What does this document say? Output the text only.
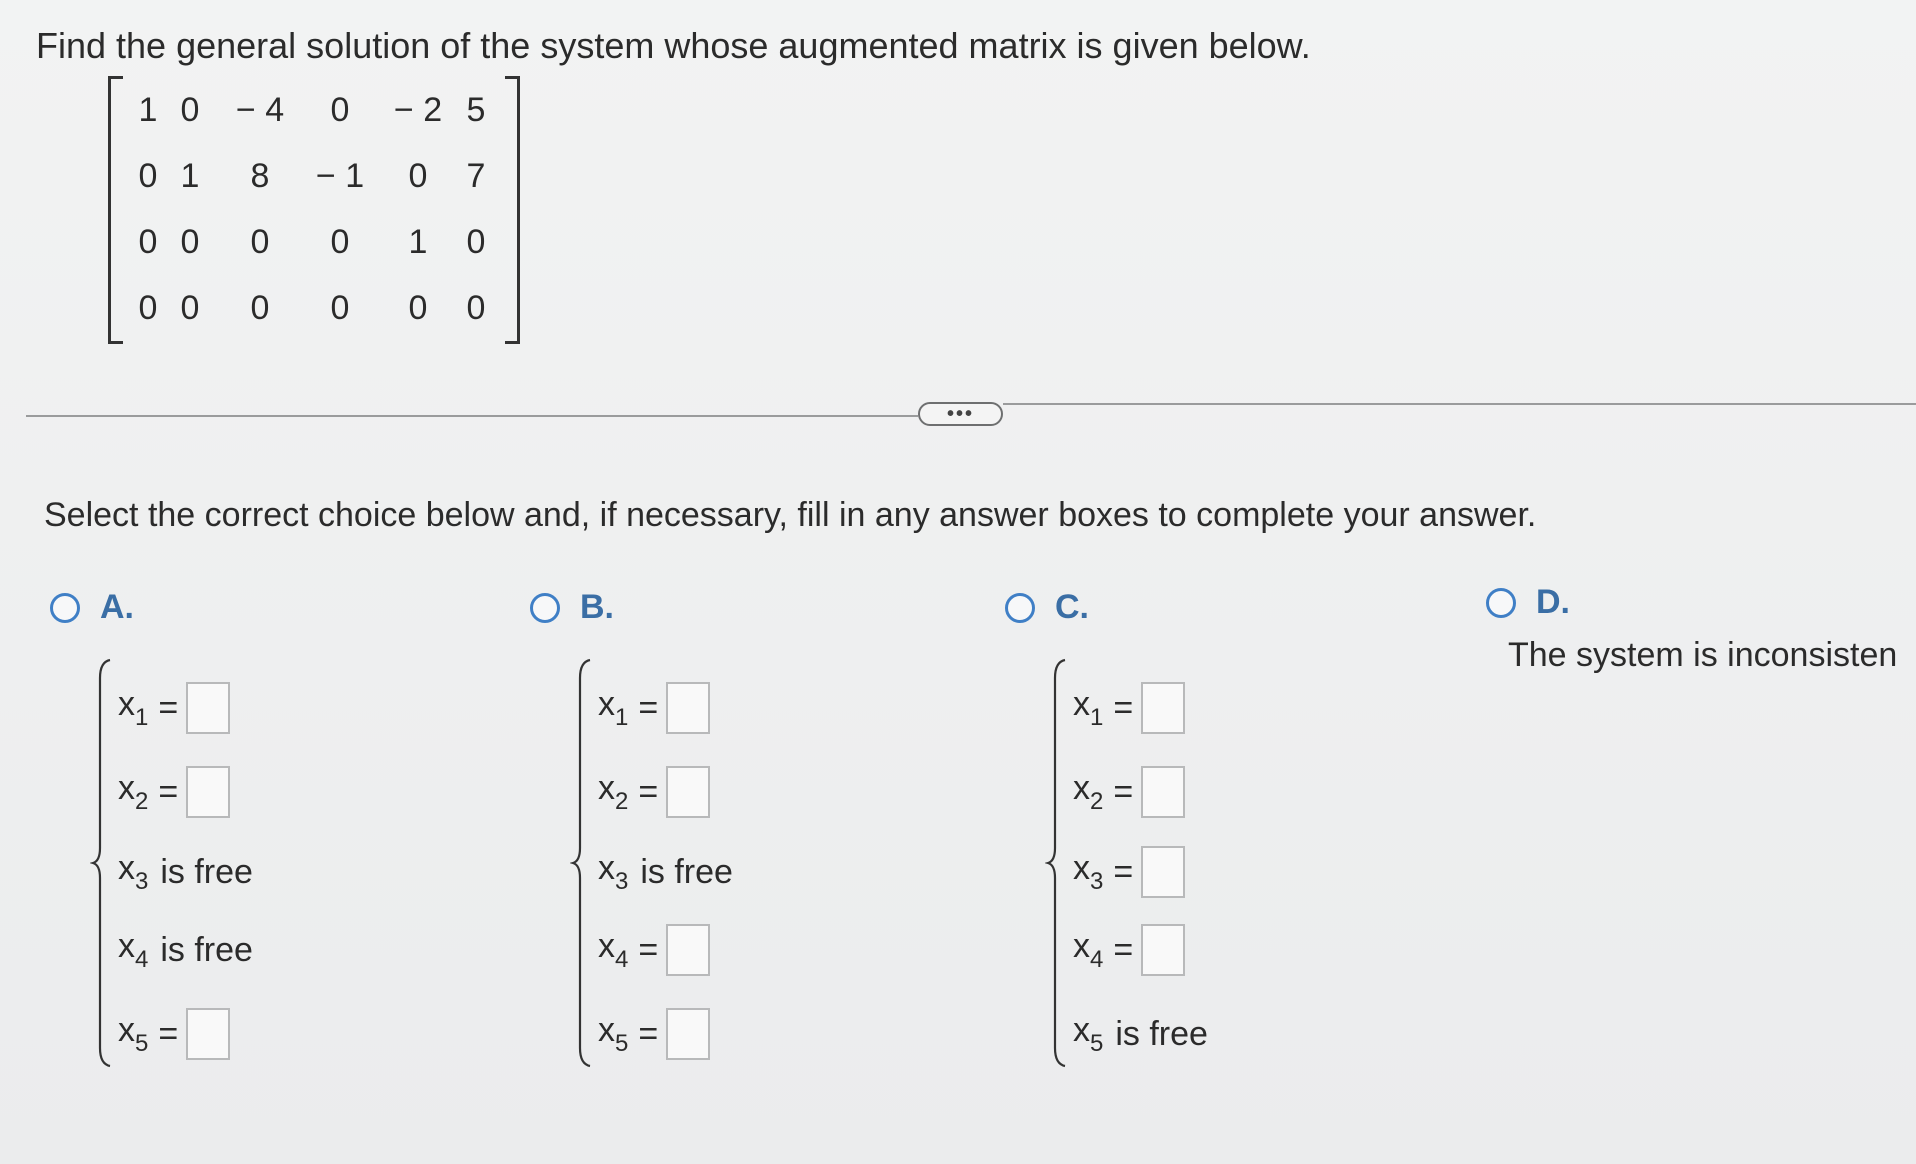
Find the general solution of the system whose augmented matrix is given below.
1 0 − 4 0 − 2 5
0 1 8 − 1 0 7
0 0 0 0 1 0
0 0 0 0 0 0
•••
Select the correct choice below and, if necessary, fill in any answer boxes to complete your answer.
A.
$x_1$ =
$x_2$ =
$x_3$ is free
$x_4$ is free
$x_5$ =
B.
$x_1$ =
$x_2$ =
$x_3$ is free
$x_4$ =
$x_5$ =
C.
$x_1$ =
$x_2$ =
$x_3$ =
$x_4$ =
$x_5$ is free
D.
The system is inconsisten
